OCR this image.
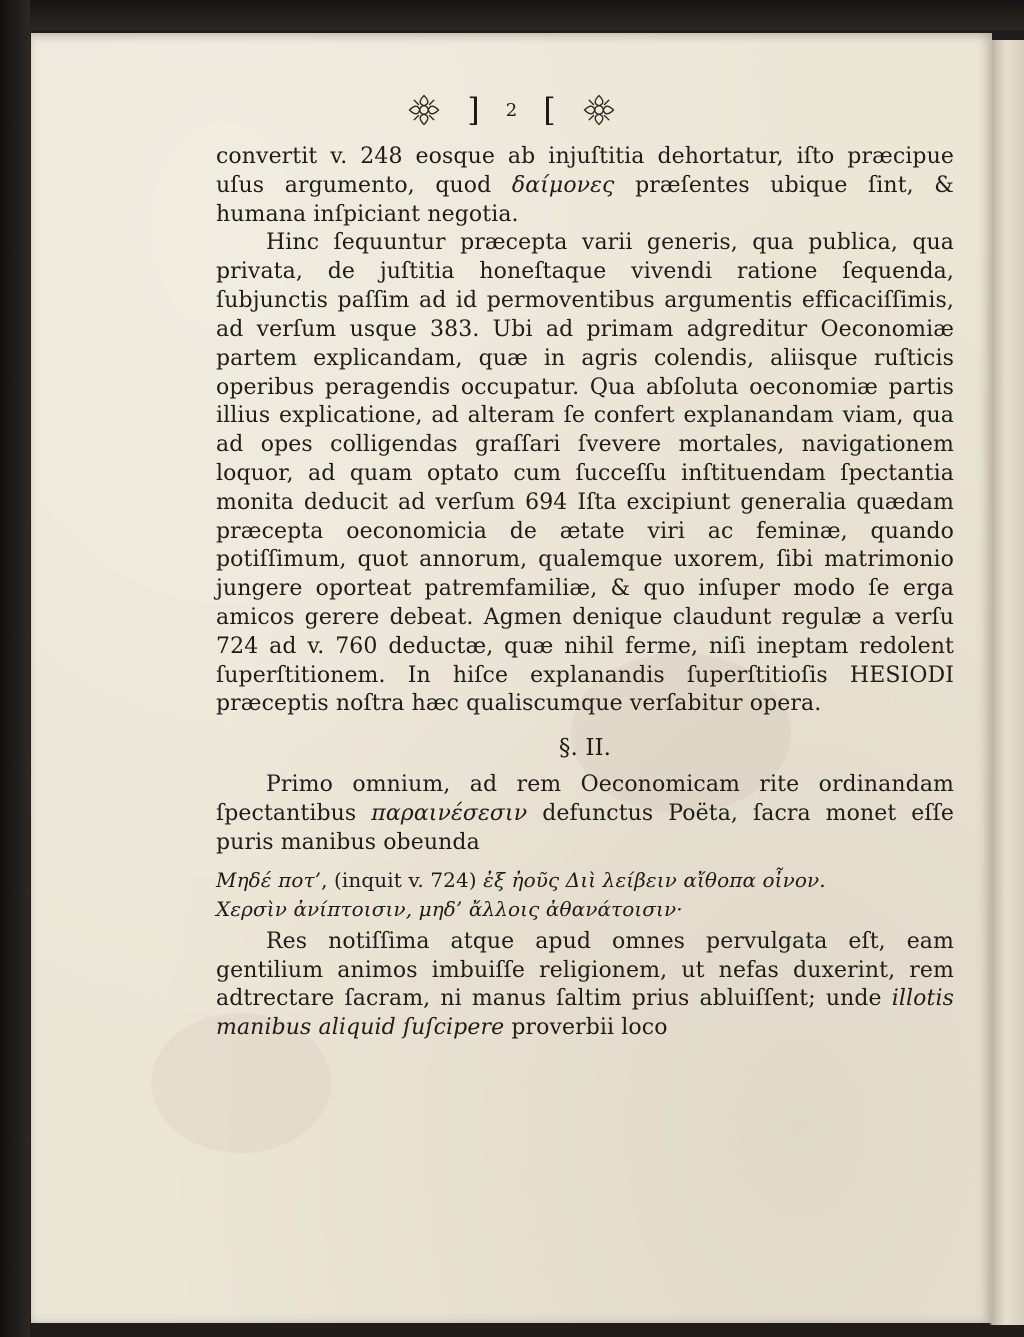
] 2 [

convertit v. 248 eosque ab injuſtitia dehortatur, iſto præcipue uſus argumento, quod δαίμονες præſentes ubique ſint, & humana inſpiciant negotia.

Hinc ſequuntur præcepta varii generis, qua publica, qua privata, de juſtitia honeſtaque vivendi ratione ſequenda, ſubjunctis paſſim ad id permoventibus argumentis efficaciſſimis, ad verſum usque 383. Ubi ad primam adgreditur Oeconomiæ partem explicandam, quæ in agris colendis, aliisque ruſticis operibus peragendis occupatur. Qua abſoluta oeconomiæ partis illius explicatione, ad alteram ſe confert explanandam viam, qua ad opes colligendas graſſari ſvevere mortales, navigationem loquor, ad quam optato cum ſucceſſu inſtituendam ſpectantia monita deducit ad verſum 694 Iſta excipiunt generalia quædam præcepta oeconomicia de ætate viri ac feminæ, quando potiſſimum, quot annorum, qualemque uxorem, ſibi matrimonio jungere oporteat patremfamiliæ, & quo inſuper modo ſe erga amicos gerere debeat. Agmen denique claudunt regulæ a verſu 724 ad v. 760 deductæ, quæ nihil ferme, niſi ineptam redolent ſuperſtitionem. In hiſce explanandis ſuperſtitioſis HESIODI præceptis noſtra hæc qualiscumque verſabitur opera.

§. II.

Primo omnium, ad rem Oeconomicam rite ordinandam ſpectantibus παραινέσεσιν defunctus Poëta, ſacra monet eſſe puris manibus obeunda

Μηδέ ποτ’, (inquit v. 724) ἐξ ἠοῦς Διὶ λείβειν αἴθοπα οἶνον.
Χερσὶν ἀνίπτοισιν, μηδ’ ἄλλοις ἀθανάτοισιν·

Res notiſſima atque apud omnes pervulgata eſt, eam gentilium animos imbuiſſe religionem, ut nefas duxerint, rem adtrectare ſacram, ni manus ſaltim prius abluiſſent; unde illotis manibus aliquid ſuſcipere proverbii loco
